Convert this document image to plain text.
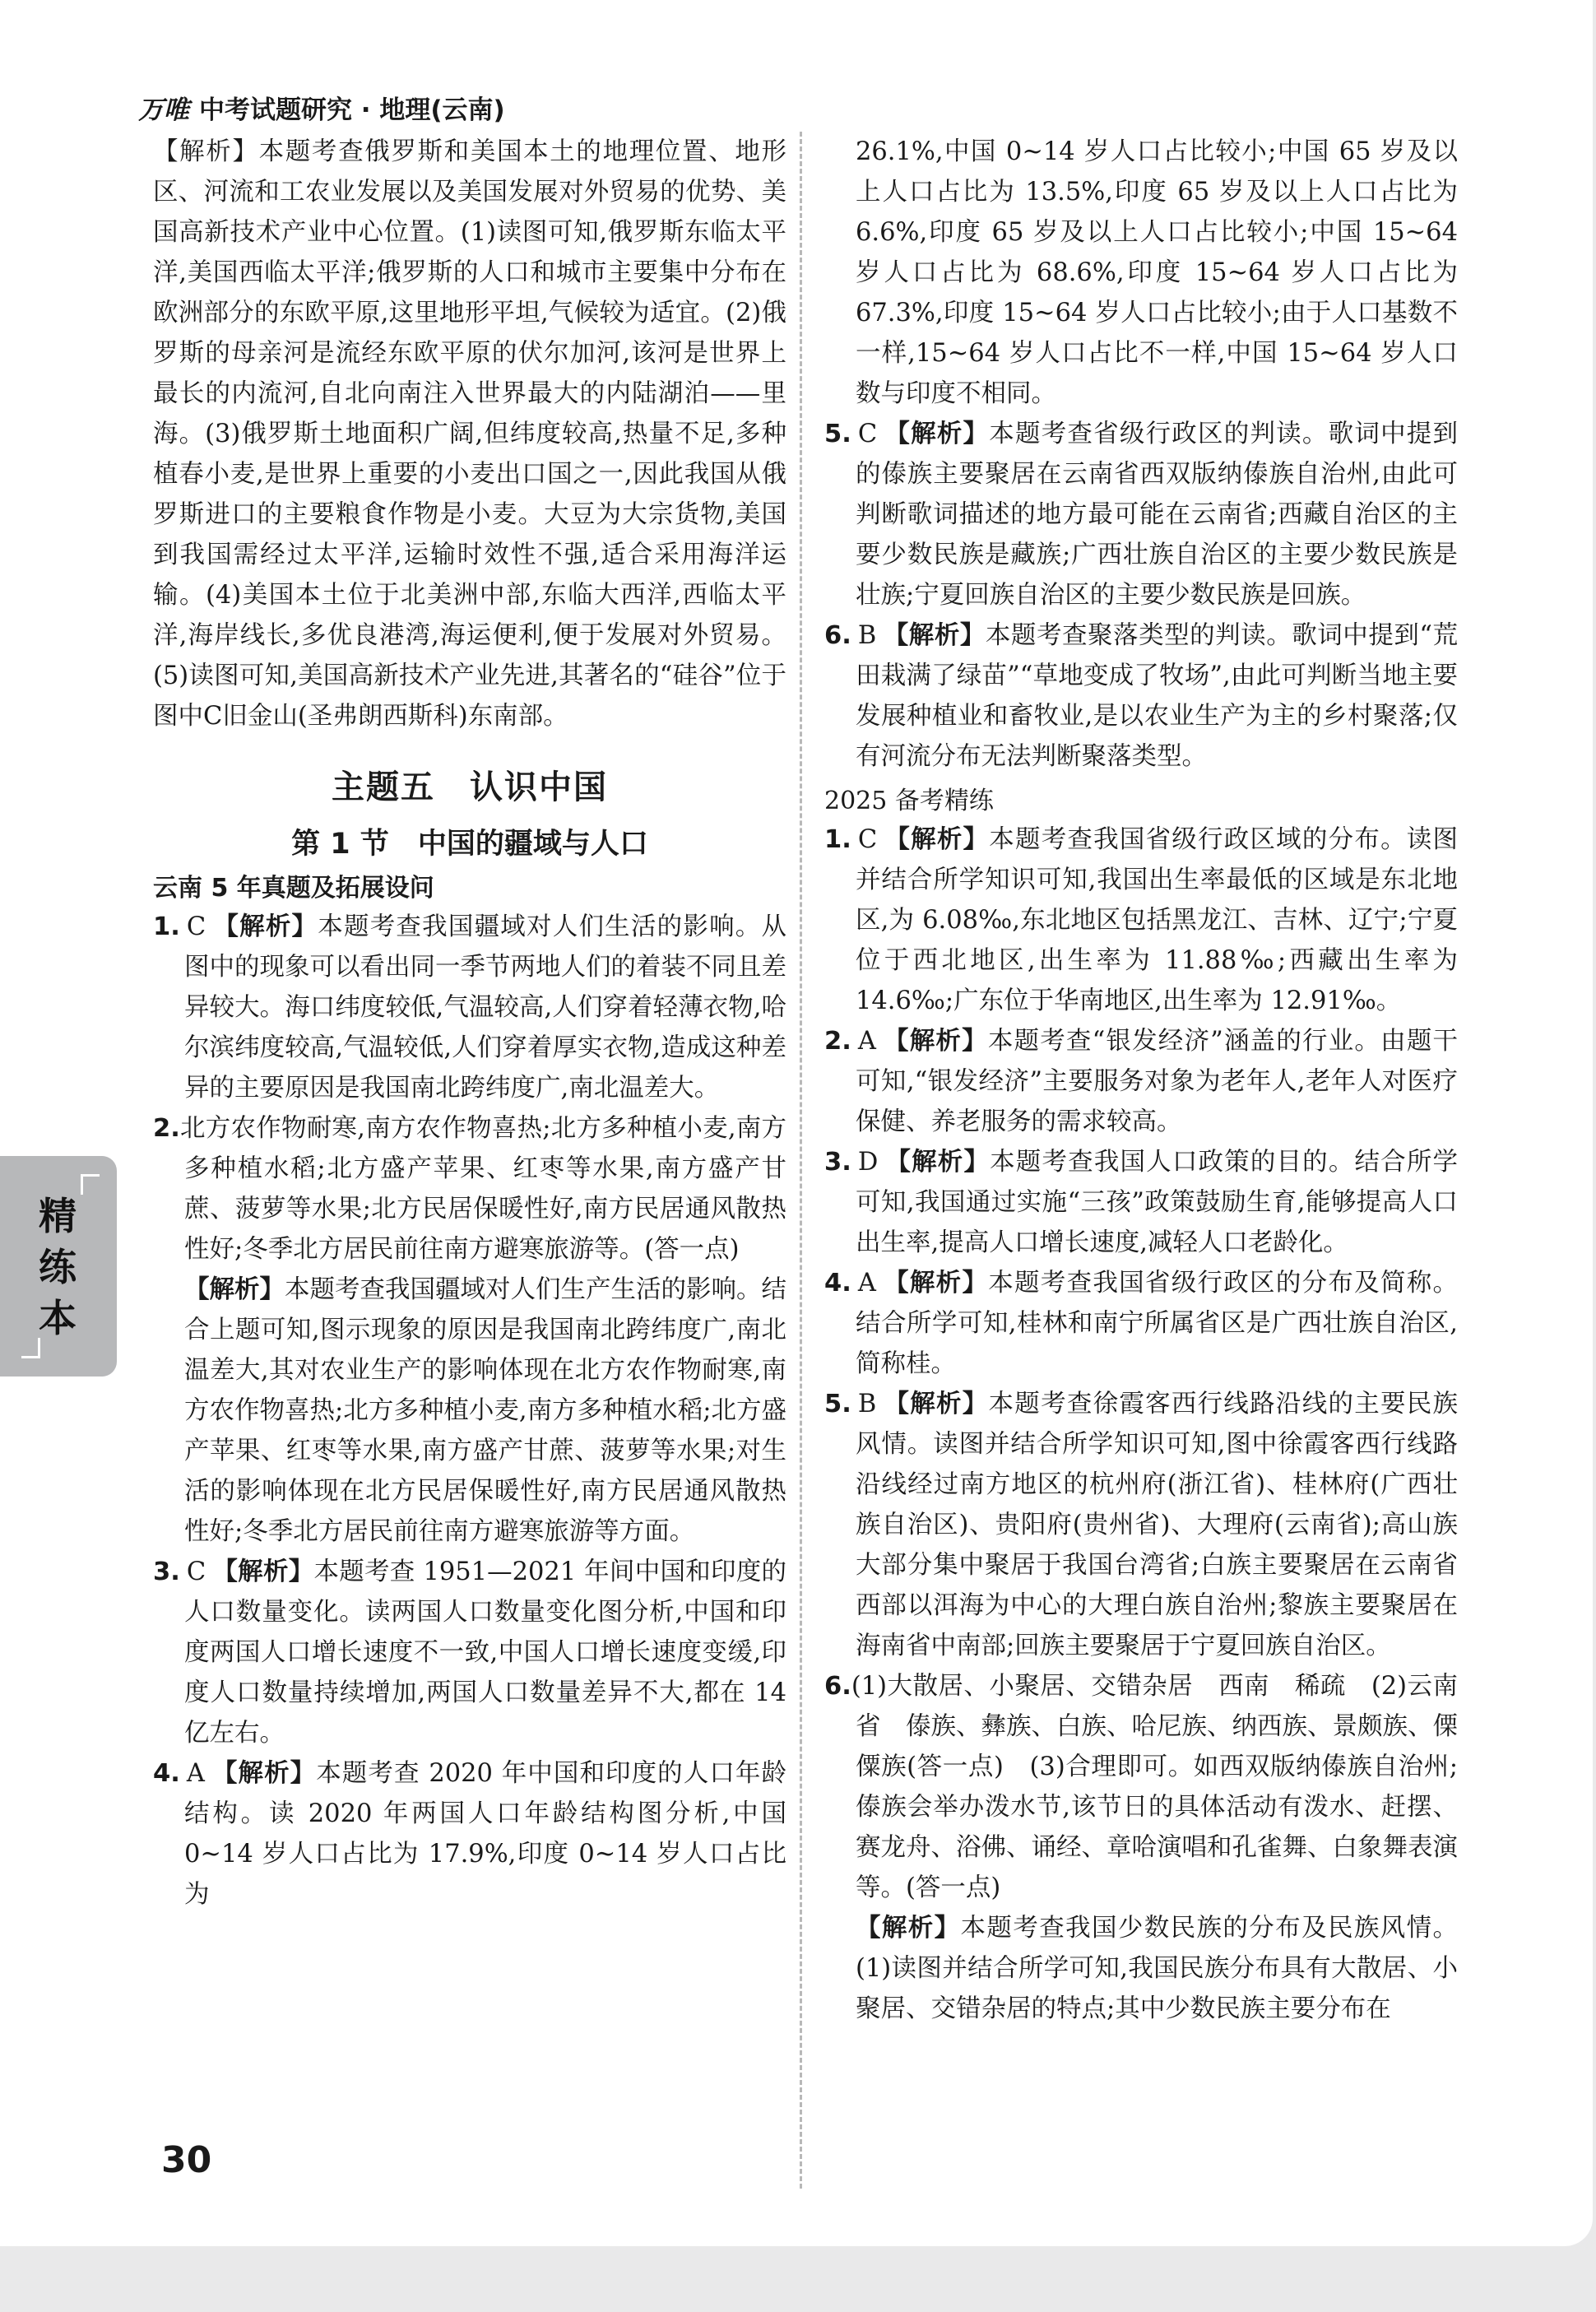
万唯 中考试题研究 · 地理(云南)

【解析】本题考查俄罗斯和美国本土的地理位置、地形区、河流和工农业发展以及美国发展对外贸易的优势、美国高新技术产业中心位置。(1)读图可知,俄罗斯东临太平洋,美国西临太平洋;俄罗斯的人口和城市主要集中分布在欧洲部分的东欧平原,这里地形平坦,气候较为适宜。(2)俄罗斯的母亲河是流经东欧平原的伏尔加河,该河是世界上最长的内流河,自北向南注入世界最大的内陆湖泊——里海。(3)俄罗斯土地面积广阔,但纬度较高,热量不足,多种植春小麦,是世界上重要的小麦出口国之一,因此我国从俄罗斯进口的主要粮食作物是小麦。大豆为大宗货物,美国到我国需经过太平洋,运输时效性不强,适合采用海洋运输。(4)美国本土位于北美洲中部,东临大西洋,西临太平洋,海岸线长,多优良港湾,海运便利,便于发展对外贸易。(5)读图可知,美国高新技术产业先进,其著名的“硅谷”位于图中C旧金山(圣弗朗西斯科)东南部。

主题五　认识中国
第 1 节　中国的疆域与人口
云南 5 年真题及拓展设问

1. C 【解析】本题考查我国疆域对人们生活的影响。从图中的现象可以看出同一季节两地人们的着装不同且差异较大。海口纬度较低,气温较高,人们穿着轻薄衣物,哈尔滨纬度较高,气温较低,人们穿着厚实衣物,造成这种差异的主要原因是我国南北跨纬度广,南北温差大。

2.北方农作物耐寒,南方农作物喜热;北方多种植小麦,南方多种植水稻;北方盛产苹果、红枣等水果,南方盛产甘蔗、菠萝等水果;北方民居保暖性好,南方民居通风散热性好;冬季北方居民前往南方避寒旅游等。(答一点)

【解析】本题考查我国疆域对人们生产生活的影响。结合上题可知,图示现象的原因是我国南北跨纬度广,南北温差大,其对农业生产的影响体现在北方农作物耐寒,南方农作物喜热;北方多种植小麦,南方多种植水稻;北方盛产苹果、红枣等水果,南方盛产甘蔗、菠萝等水果;对生活的影响体现在北方民居保暖性好,南方民居通风散热性好;冬季北方居民前往南方避寒旅游等方面。

3. C 【解析】本题考查 1951—2021 年间中国和印度的人口数量变化。读两国人口数量变化图分析,中国和印度两国人口增长速度不一致,中国人口增长速度变缓,印度人口数量持续增加,两国人口数量差异不大,都在 14 亿左右。

4. A 【解析】本题考查 2020 年中国和印度的人口年龄结构。读 2020 年两国人口年龄结构图分析,中国 0~14 岁人口占比为 17.9%,印度 0~14 岁人口占比为

26.1%,中国 0~14 岁人口占比较小;中国 65 岁及以上人口占比为 13.5%,印度 65 岁及以上人口占比为 6.6%,印度 65 岁及以上人口占比较小;中国 15~64 岁人口占比为 68.6%,印度 15~64 岁人口占比为 67.3%,印度 15~64 岁人口占比较小;由于人口基数不一样,15~64 岁人口占比不一样,中国 15~64 岁人口数与印度不相同。

5. C 【解析】本题考查省级行政区的判读。歌词中提到的傣族主要聚居在云南省西双版纳傣族自治州,由此可判断歌词描述的地方最可能在云南省;西藏自治区的主要少数民族是藏族;广西壮族自治区的主要少数民族是壮族;宁夏回族自治区的主要少数民族是回族。

6. B 【解析】本题考查聚落类型的判读。歌词中提到“荒田栽满了绿苗”“草地变成了牧场”,由此可判断当地主要发展种植业和畜牧业,是以农业生产为主的乡村聚落;仅有河流分布无法判断聚落类型。

2025 备考精练

1. C 【解析】本题考查我国省级行政区域的分布。读图并结合所学知识可知,我国出生率最低的区域是东北地区,为 6.08‰,东北地区包括黑龙江、吉林、辽宁;宁夏位于西北地区,出生率为 11.88‰;西藏出生率为 14.6‰;广东位于华南地区,出生率为 12.91‰。

2. A 【解析】本题考查“银发经济”涵盖的行业。由题干可知,“银发经济”主要服务对象为老年人,老年人对医疗保健、养老服务的需求较高。

3. D 【解析】本题考查我国人口政策的目的。结合所学可知,我国通过实施“三孩”政策鼓励生育,能够提高人口出生率,提高人口增长速度,减轻人口老龄化。

4. A 【解析】本题考查我国省级行政区的分布及简称。结合所学可知,桂林和南宁所属省区是广西壮族自治区,简称桂。

5. B 【解析】本题考查徐霞客西行线路沿线的主要民族风情。读图并结合所学知识可知,图中徐霞客西行线路沿线经过南方地区的杭州府(浙江省)、桂林府(广西壮族自治区)、贵阳府(贵州省)、大理府(云南省);高山族大部分集中聚居于我国台湾省;白族主要聚居在云南省西部以洱海为中心的大理白族自治州;黎族主要聚居在海南省中南部;回族主要聚居于宁夏回族自治区。

6.(1)大散居、小聚居、交错杂居　西南　稀疏　(2)云南省　傣族、彝族、白族、哈尼族、纳西族、景颇族、傈僳族(答一点)　(3)合理即可。如西双版纳傣族自治州;傣族会举办泼水节,该节日的具体活动有泼水、赶摆、赛龙舟、浴佛、诵经、章哈演唱和孔雀舞、白象舞表演等。(答一点)

【解析】本题考查我国少数民族的分布及民族风情。(1)读图并结合所学可知,我国民族分布具有大散居、小聚居、交错杂居的特点;其中少数民族主要分布在

精练本
30
